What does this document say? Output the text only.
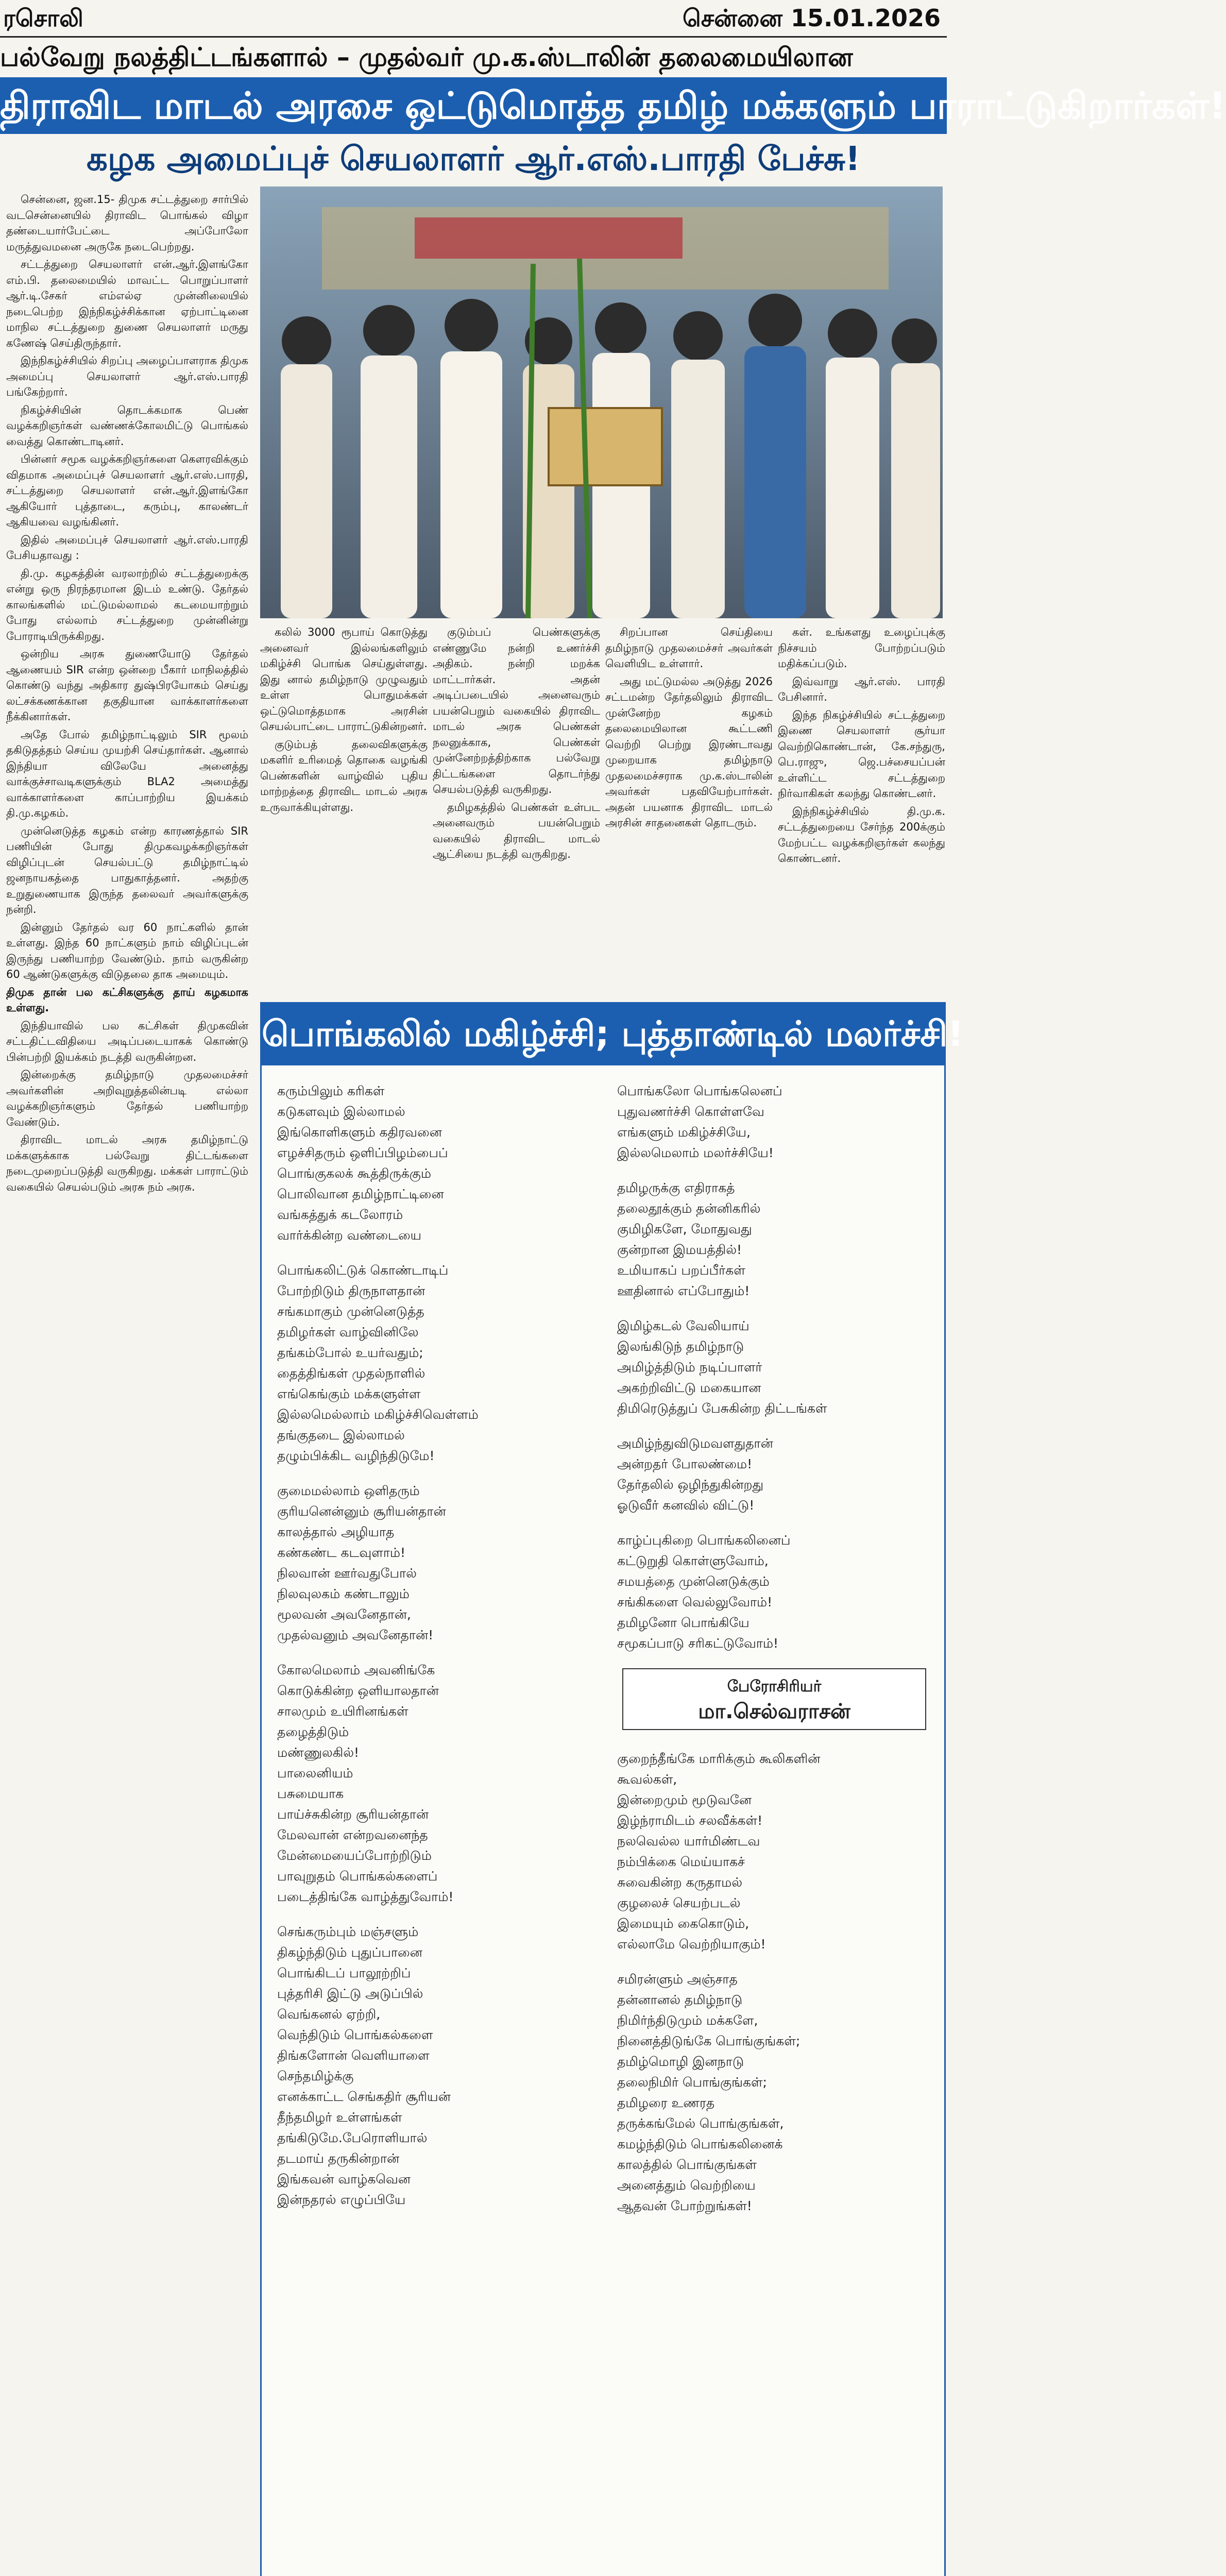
ரசொலி	சென்னை 15.01.2026
பல்வேறு நலத்திட்டங்களால் – முதல்வர் மு.க.ஸ்டாலின் தலைமையிலான
திராவிட மாடல் அரசை ஒட்டுமொத்த தமிழ் மக்களும் பாராட்டுகிறார்கள்!
கழக அமைப்புச் செயலாளர் ஆர்.எஸ்.பாரதி பேச்சு!

சென்னை, ஜன.15- திமுக சட்டத்துறை சார்பில் வடசென்னையில் திராவிட பொங்கல் விழா தண்டையார்பேட்டை அப்போலோ மருத்துவமனை அருகே நடைபெற்றது.

சட்டத்துறை செயலாளர் என்.ஆர்.இளங்கோ எம்.பி. தலைமையில் மாவட்ட பொறுப்பாளர் ஆர்.டி.சேகர் எம்எல்ஏ முன்னிலையில் நடைபெற்ற இந்நிகழ்ச்சிக்கான ஏற்பாட்டினை மாநில சட்டத்துறை துணை செயலாளர் மருது கணேஷ் செய்திருந்தார்.

இந்நிகழ்ச்சியில் சிறப்பு அழைப்பாளராக திமுக அமைப்பு செயலாளர் ஆர்.எஸ்.பாரதி பங்கேற்றார்.

நிகழ்ச்சியின் தொடக்கமாக பெண் வழக்கறிஞர்கள் வண்ணக்கோலமிட்டு பொங்கல் வைத்து கொண்டாடினர்.

பின்னர் சமூக வழக்கறிஞர்களை கௌரவிக்கும் விதமாக அமைப்புச் செயலாளர் ஆர்.எஸ்.பாரதி, சட்டத்துறை செயலாளர் என்.ஆர்.இளங்கோ ஆகியோர் புத்தாடை, கரும்பு, காலண்டர் ஆகியவை வழங்கினர்.

இதில் அமைப்புச் செயலாளர் ஆர்.எஸ்.பாரதி பேசியதாவது :

தி.மு. கழகத்தின் வரலாற்றில் சட்டத்துறைக்கு என்று ஒரு நிரந்தரமான இடம் உண்டு. தேர்தல் காலங்களில் மட்டுமல்லாமல் கடமையாற்றும் போது எல்லாம் சட்டத்துறை முன்னின்று போராடியிருக்கிறது.

ஒன்றிய அரசு துணையோடு தேர்தல் ஆணையம் SIR என்ற ஒன்றை பீகார் மாநிலத்தில் கொண்டு வந்து அதிகார துஷ்பிரயோகம் செய்து லட்சக்கணக்கான தகுதியான வாக்காளர்களை நீக்கினார்கள்.

அதே போல் தமிழ்நாட்டிலும் SIR மூலம் தகிடுதத்தம் செய்ய முயற்சி செய்தார்கள். ஆனால் இந்தியா விலேயே அனைத்து வாக்குச்சாவடிகளுக்கும் BLA2 அமைத்து வாக்காளர்களை காப்பாற்றிய இயக்கம் தி.மு.கழகம்.

முன்னெடுத்த கழகம் என்ற காரணத்தால் SIR பணியின் போது திமுகவழக்கறிஞர்கள் விழிப்புடன் செயல்பட்டு தமிழ்நாட்டில் ஜனநாயகத்தை பாதுகாத்தனர். அதற்கு உறுதுணையாக இருந்த தலைவர் அவர்களுக்கு நன்றி.

இன்னும் தேர்தல் வர 60 நாட்களில் தான் உள்ளது. இந்த 60 நாட்களும் நாம் விழிப்புடன் இருந்து பணியாற்ற வேண்டும். நாம் வருகின்ற 60 ஆண்டுகளுக்கு விடுதலை தாக அமையும்.

திமுக தான் பல கட்சிகளுக்கு தாய் கழகமாக உள்ளது.

இந்தியாவில் பல கட்சிகள் திமுகவின் சட்டதிட்டவிதியை அடிப்படையாகக் கொண்டு பின்பற்றி இயக்கம் நடத்தி வருகின்றன.

இன்றைக்கு தமிழ்நாடு முதலமைச்சர் அவர்களின் அறிவுறுத்தலின்படி எல்லா வழக்கறிஞர்களும் தேர்தல் பணியாற்ற வேண்டும்.

திராவிட மாடல் அரசு தமிழ்நாட்டு மக்களுக்காக பல்வேறு திட்டங்களை நடைமுறைப்படுத்தி வருகிறது. மக்கள் பாராட்டும் வகையில் செயல்படும் அரசு நம் அரசு.

கலில் 3000 ரூபாய் கொடுத்து அனைவர் இல்லங்களிலும் மகிழ்ச்சி பொங்க செய்துள்ளது. இது னால் தமிழ்நாடு முழுவதும் உள்ள பொதுமக்கள் ஒட்டுமொத்தமாக அரசின் செயல்பாட்டை பாராட்டுகின்றனர்.

குடும்பத் தலைவிகளுக்கு மகளிர் உரிமைத் தொகை வழங்கி பெண்களின் வாழ்வில் புதிய மாற்றத்தை திராவிட மாடல் அரசு உருவாக்கியுள்ளது.

குடும்பப் பெண்களுக்கு எண்ணுமே நன்றி உணர்ச்சி அதிகம். நன்றி மறக்க மாட்டார்கள். அதன் அடிப்படையில் அனைவரும் பயன்பெறும் வகையில் திராவிட மாடல் அரசு பெண்கள் நலனுக்காக, பெண்கள் முன்னேற்றத்திற்காக பல்வேறு திட்டங்களை தொடர்ந்து செயல்படுத்தி வருகிறது.

தமிழகத்தில் பெண்கள் உள்பட அனைவரும் பயன்பெறும் வகையில் திராவிட மாடல் ஆட்சியை நடத்தி வருகிறது.

சிறப்பான செய்தியை தமிழ்நாடு முதலமைச்சர் அவர்கள் வெளியிட உள்ளார்.

அது மட்டுமல்ல அடுத்து 2026 சட்டமன்ற தேர்தலிலும் திராவிட முன்னேற்ற கழகம் தலைமையிலான கூட்டணி வெற்றி பெற்று இரண்டாவது முறையாக தமிழ்நாடு முதலமைச்சராக மு.க.ஸ்டாலின் அவர்கள் பதவியேற்பார்கள். அதன் பயனாக திராவிட மாடல் அரசின் சாதனைகள் தொடரும்.

கள். உங்களது உழைப்புக்கு நிச்சயம் போற்றப்படும் மதிக்கப்படும்.

இவ்வாறு ஆர்.எஸ். பாரதி பேசினார்.

இந்த நிகழ்ச்சியில் சட்டத்துறை இணை செயலாளர் சூர்யா வெற்றிகொண்டான், கே.சந்துரு, பெ.ராஜு, ஜெ.பச்சையப்பன் உள்ளிட்ட சட்டத்துறை நிர்வாகிகள் கலந்து கொண்டனர்.

இந்நிகழ்ச்சியில் தி.மு.க. சட்டத்துறையை சேர்ந்த 200க்கும் மேற்பட்ட வழக்கறிஞர்கள் கலந்து கொண்டனர்.

பொங்கலில் மகிழ்ச்சி; புத்தாண்டில் மலர்ச்சி!
கரும்பிலும் கரிகள்
கடுகளவும் இல்லாமல்
இங்கொளிகளும் கதிரவனை
எழச்சிதரும் ஒளிப்பிழம்பைப்
பொங்குகலக் கூத்திருக்கும்
பொலிவான தமிழ்நாட்டினை
வங்கத்துக் கடலோரம்
வார்க்கின்ற வண்டையை
பொங்கலிட்டுக் கொண்டாடிப்
போற்றிடும் திருநாளதான்
சங்கமாகும் முன்னெடுத்த
தமிழர்கள் வாழ்வினிலே
தங்கம்போல் உயர்வதும்;
தைத்திங்கள் முதல்நாளில்
எங்கெங்கும் மக்களுள்ள
இல்லமெல்லாம் மகிழ்ச்சிவெள்ளம்
தங்குதடை இல்லாமல்
தழும்பிக்கிட வழிந்திடுமே!
குமைமல்லாம் ஒளிதரும்
குரியனென்னும் சூரியன்தான்
காலத்தால் அழியாத
கண்கண்ட கடவுளாம்!
நிலவான் ஊர்வதுபோல்
நிலவுலகம் கண்டாலும்
மூலவன் அவனேதான்,
முதல்வனும் அவனேதான்!
கோலமெலாம் அவனிங்கே
கொடுக்கின்ற ஒளியாலதான்
சாலமும் உயிரினங்கள்
தழைத்திடும்
மண்ணுலகில்!
பாலைனியம்
பசுமையாக
பாய்ச்சுகின்ற சூரியன்தான்
மேலவான் என்றவனைந்த
மேன்மையைப்போற்றிடும்
பாவுறுதம் பொங்கல்களைப்
படைத்திங்கே வாழ்த்துவோம்!
செங்கரும்பும் மஞ்சளும்
திகழ்ந்திடும் புதுப்பானை
பொங்கிடப் பாலூற்றிப்
புத்தரிசி இட்டு அடுப்பில்
வெங்கனல் ஏற்றி,
வெந்திடும் பொங்கல்களை
திங்களோன் வெளியாளை
செந்தமிழ்க்கு
எனக்காட்ட செங்கதிர் சூரியன்
தீந்தமிழர் உள்ளங்கள்
தங்கிடுமே.பேரொளியால்
தடமாய் தருகின்றான்
இங்கவன் வாழ்கவென
இன்நதரல் எழுப்பியே
பொங்கலோ பொங்கலெனப்
புதுவணர்ச்சி கொள்ளவே
எங்களும் மகிழ்ச்சியே,
இல்லமெலாம் மலர்ச்சியே!
தமிழருக்கு எதிராகத்
தலைதூக்கும் தன்னிகரில்
குமிழிகளே, மோதுவது
குன்றான இமயத்தில்!
உமியாகப் பறப்பீர்கள்
ஊதினால் எப்போதும்!
இமிழ்கடல் வேலியாய்
இலங்கிடுந் தமிழ்நாடு
அமிழ்த்திடும் நடிப்பாளர்
அகற்றிவிட்டு மகையான
திமிரெடுத்துப் பேசுகின்ற திட்டங்கள்
அமிழ்ந்துவிடுமவளதுதான்
அன்றதர் போலண்மை!
தேர்தலில் ஒழிந்துகின்றது
ஓடுவீர் கனவில் விட்டு!
காழ்ப்புகிறை பொங்கலினைப்
கட்டுறுதி கொள்ளுவோம்,
சமயத்தை முன்னெடுக்கும்
சங்கிகளை வெல்லுவோம்!
தமிழனோ பொங்கியே
சமூகப்பாடு சரிகட்டுவோம்!
பேரோசிரியர்
மா.செல்வராசன்
குறைந்தீங்கே மாரிக்கும் கூலிகளின்
கூவல்கள்,
இன்றைமும் மூடுவனே
இழ்ந்ராமிடம் சலவீக்கள்!
நலவெல்ல யார்மிண்டவ
நம்பிக்கை மெய்யாகச்
சுவைகின்ற கருதாமல்
குழலைச் செயற்படல்
இமையும் கைகொடும்,
எல்லாமே வெற்றியாகும்!
சமிரன்ளும் அஞ்சாத
தன்னானல் தமிழ்நாடு
நிமிர்ந்திடுமும் மக்களே,
நினைத்திடுங்கே பொங்குங்கள்;
தமிழ்மொழி இனநாடு
தலைநிமிர் பொங்குங்கள்;
தமிழரை உணரத
தருக்கங்மேல் பொங்குங்கள்,
கமழ்ந்திடும் பொங்கலினைக்
காலத்தில் பொங்குங்கள்
அனைத்தும் வெற்றியை
ஆதவன் போற்றுங்கள்!
